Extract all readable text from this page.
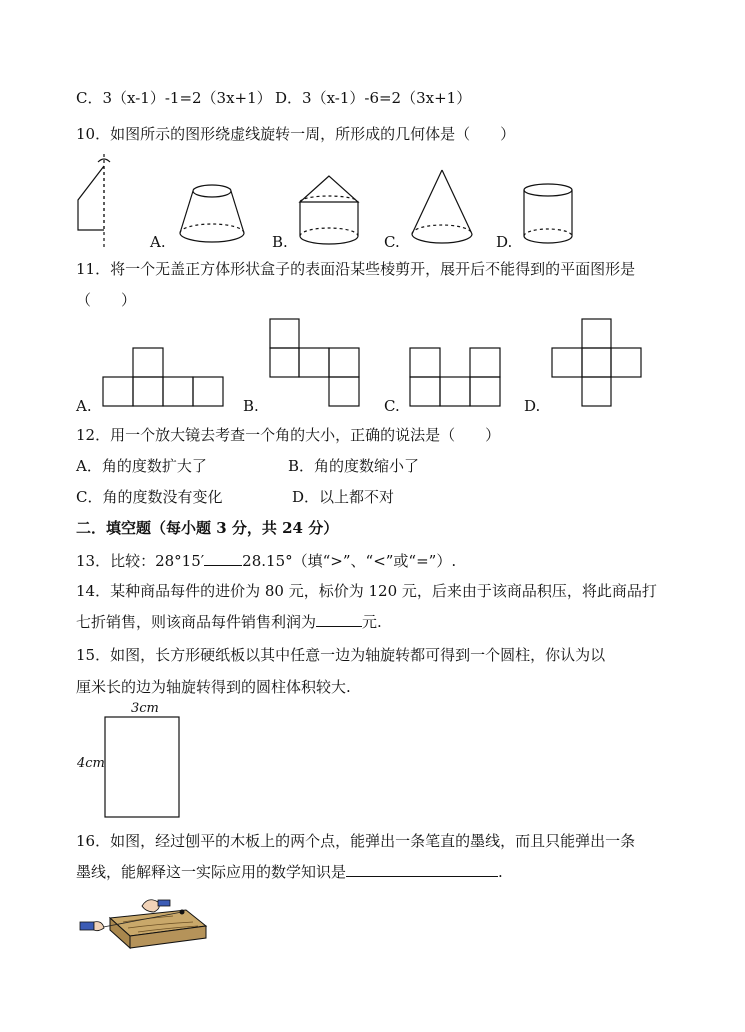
C．3（x-1）-1=2（3x+1） D．3（x-1）-6=2（3x+1）
10．如图所示的图形绕虚线旋转一周，所形成的几何体是（　　）
A.	B.	C.	D.
11．将一个无盖正方体形状盒子的表面沿某些棱剪开，展开后不能得到的平面图形是
（　　）
A.	B.	C.	D.
12．用一个放大镜去考查一个角的大小，正确的说法是（　　）
A．角的度数扩大了	B．角的度数缩小了
C．角的度数没有变化	D．以上都不对
二．填空题（每小题 3 分，共 24 分）
13．比较：28°15′	28.15°（填“>”、“<”或“=”）.
14．某种商品每件的进价为 80 元，标价为 120 元，后来由于该商品积压，将此商品打
七折销售，则该商品每件销售利润为	元.
15．如图，长方形硬纸板以其中任意一边为轴旋转都可得到一个圆柱，你认为以
厘米长的边为轴旋转得到的圆柱体积较大.
3cm
4cm
16．如图，经过刨平的木板上的两个点，能弹出一条笔直的墨线，而且只能弹出一条
墨线，能解释这一实际应用的数学知识是	.
